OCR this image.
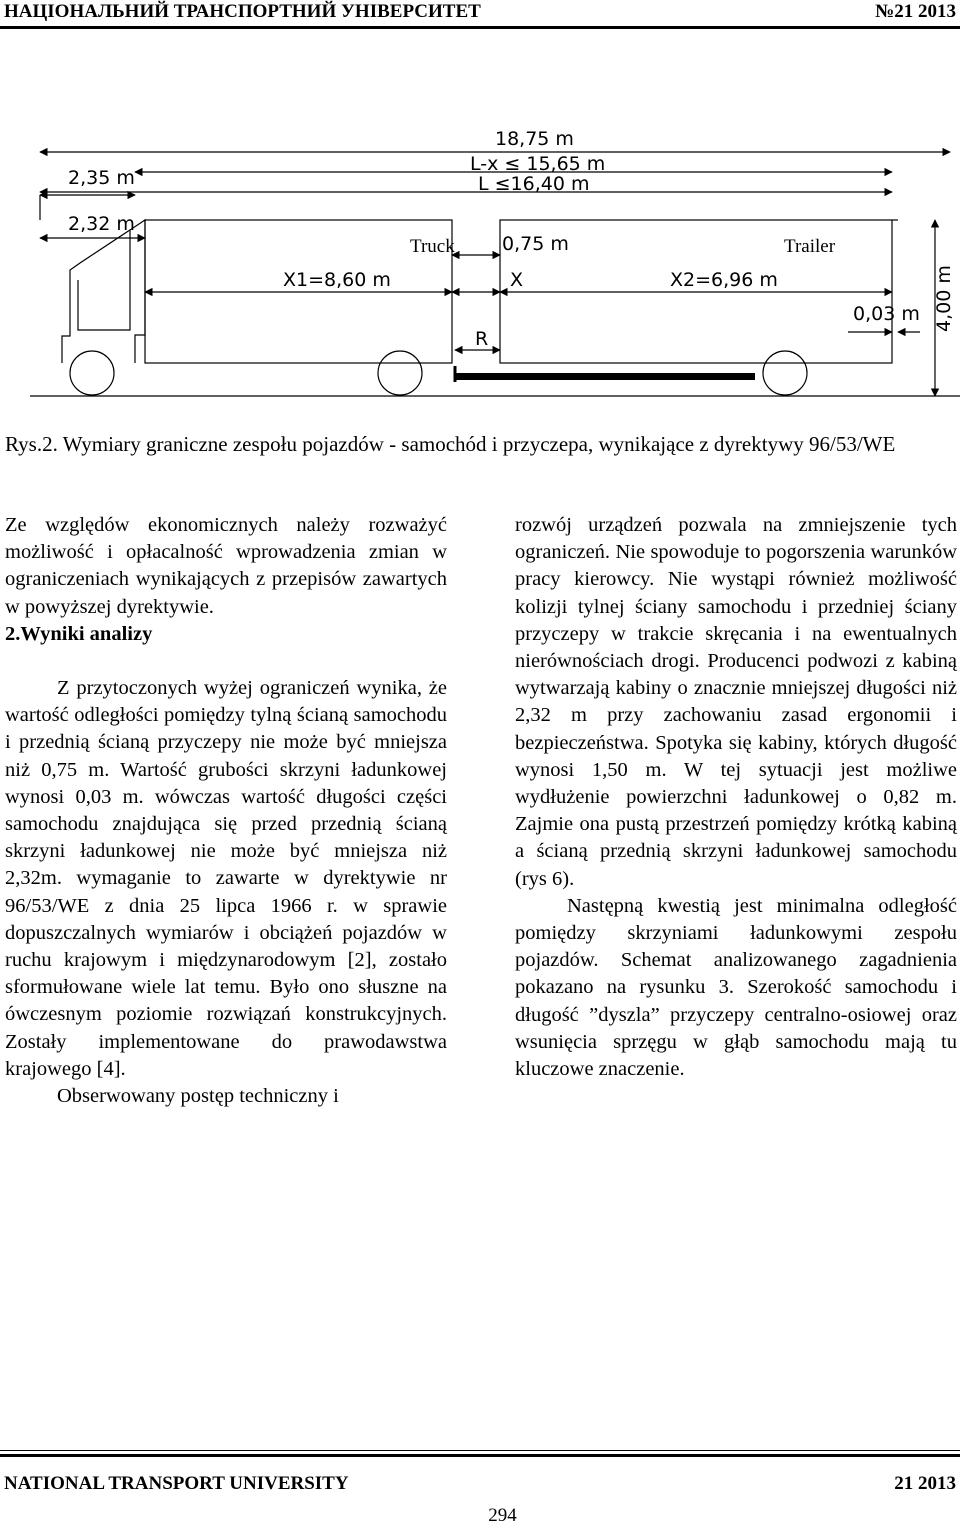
НАЦІОНАЛЬНИЙ ТРАНСПОРТНИЙ УНІВЕРСИТЕТ	№21 2013
18,75 m
L-x ≤ 15,65 m
L ≤16,40 m
2,35 m
2,32 m
Truck 0,75 m	Trailer
X1=8,60 m	X	X2=6,96 m	4,00 m
0,03 m
R
Rys.2. Wymiary graniczne zespołu pojazdów - samochód i przyczepa, wynikające z dyrektywy 96/53/WE

Ze względów ekonomicznych należy rozważyć możliwość i opłacalność wprowadzenia zmian w ograniczeniach wynikających z przepisów zawartych w powyższej dyrektywie.

2.Wyniki analizy

Z przytoczonych wyżej ograniczeń wynika, że wartość odległości pomiędzy tylną ścianą samochodu i przednią ścianą przyczepy nie może być mniejsza niż 0,75 m. Wartość grubości skrzyni ładunkowej wynosi 0,03 m. wówczas wartość długości części samochodu znajdująca się przed przednią ścianą skrzyni ładunkowej nie może być mniejsza niż 2,32m. wymaganie to zawarte w dyrektywie nr 96/53/WE z dnia 25 lipca 1966 r. w sprawie dopuszczalnych wymiarów i obciążeń pojazdów w ruchu krajowym i międzynarodowym [2], zostało sformułowane wiele lat temu. Było ono słuszne na ówczesnym poziomie rozwiązań konstrukcyjnych. Zostały implementowane do prawodawstwa krajowego [4].

Obserwowany postęp techniczny i

rozwój urządzeń pozwala na zmniejszenie tych ograniczeń. Nie spowoduje to pogorszenia warunków pracy kierowcy. Nie wystąpi również możliwość kolizji tylnej ściany samochodu i przedniej ściany przyczepy w trakcie skręcania i na ewentualnych nierównościach drogi. Producenci podwozi z kabiną wytwarzają kabiny o znacznie mniejszej długości niż 2,32 m przy zachowaniu zasad ergonomii i bezpieczeństwa. Spotyka się kabiny, których długość wynosi 1,50 m. W tej sytuacji jest możliwe wydłużenie powierzchni ładunkowej o 0,82 m. Zajmie ona pustą przestrzeń pomiędzy krótką kabiną a ścianą przednią skrzyni ładunkowej samochodu (rys 6).

Następną kwestią jest minimalna odległość pomiędzy skrzyniami ładunkowymi zespołu pojazdów. Schemat analizowanego zagadnienia pokazano na rysunku 3. Szerokość samochodu i długość ”dyszla” przyczepy centralno-osiowej oraz wsunięcia sprzęgu w głąb samochodu mają tu kluczowe znaczenie.

NATIONAL TRANSPORT UNIVERSITY	21 2013
294
